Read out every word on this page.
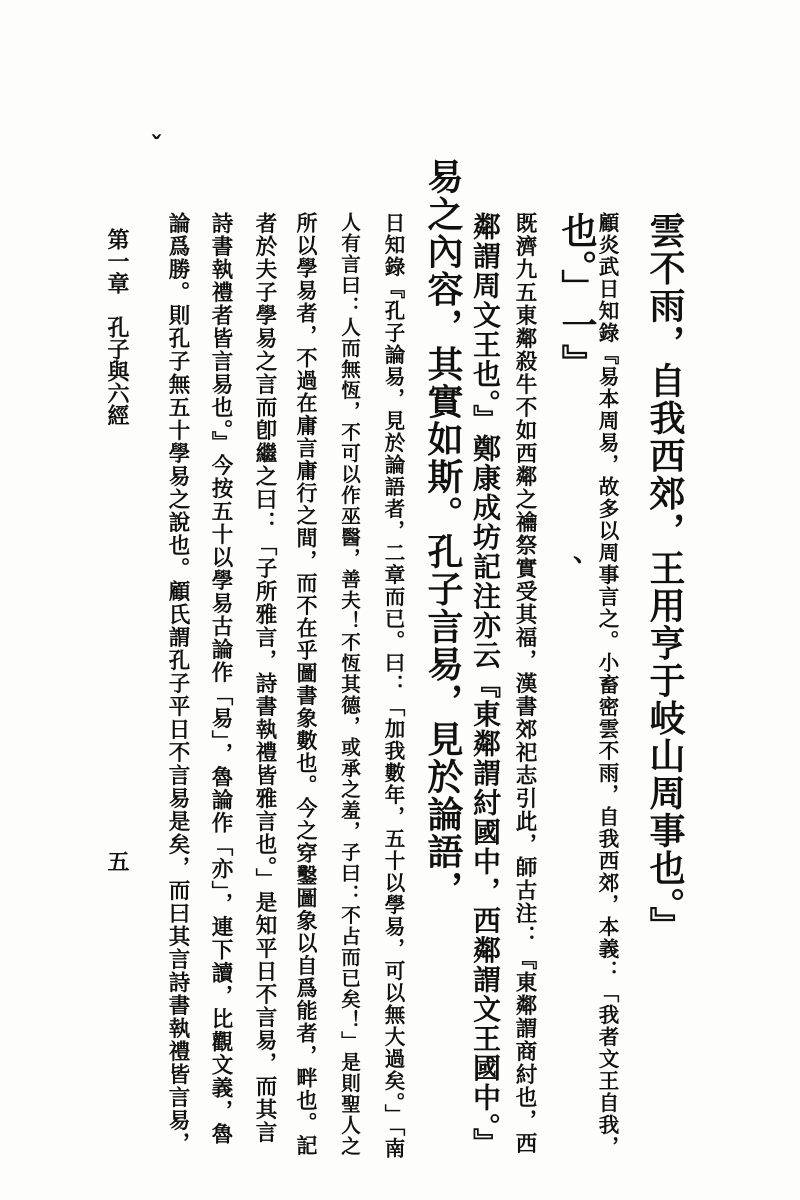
ˇ
、 雲不雨，自我西郊，王用亨于岐山周事也。』
顧炎武日知錄『易本周易，故多以周事言之。小畜密雲不雨，自我西郊，本義：「我者文王自我，
也。」一』
既濟九五東鄰殺牛不如西鄰之禴祭實受其福，漢書郊祀志引此，師古注：『東鄰謂商紂也，西
鄰謂周文王也。』鄭康成坊記注亦云『東鄰謂紂國中，西鄰謂文王國中。』
易之內容，其實如斯。孔子言易，見於論語，
日知錄『孔子論易，見於論語者，二章而已。曰：「加我數年，五十以學易，可以無大過矣。」「南
人有言曰：人而無恆，不可以作巫醫，善夫！不恆其德，或承之羞，子曰：不占而已矣！」是則聖人之
所以學易者，不過在庸言庸行之間，而不在乎圖書象數也。今之穿鑿圖象以自爲能者，畔也。記
者於夫子學易之言而卽繼之曰：「子所雅言，詩書執禮皆雅言也。」是知平日不言易，而其言
詩書執禮者皆言易也。』今按五十以學易古論作「易」，魯論作「亦」，連下讀，比觀文義，魯
論爲勝。則孔子無五十學易之說也。顧氏謂孔子平日不言易是矣，而曰其言詩書執禮皆言易，
第一章　孔子與六經
五
